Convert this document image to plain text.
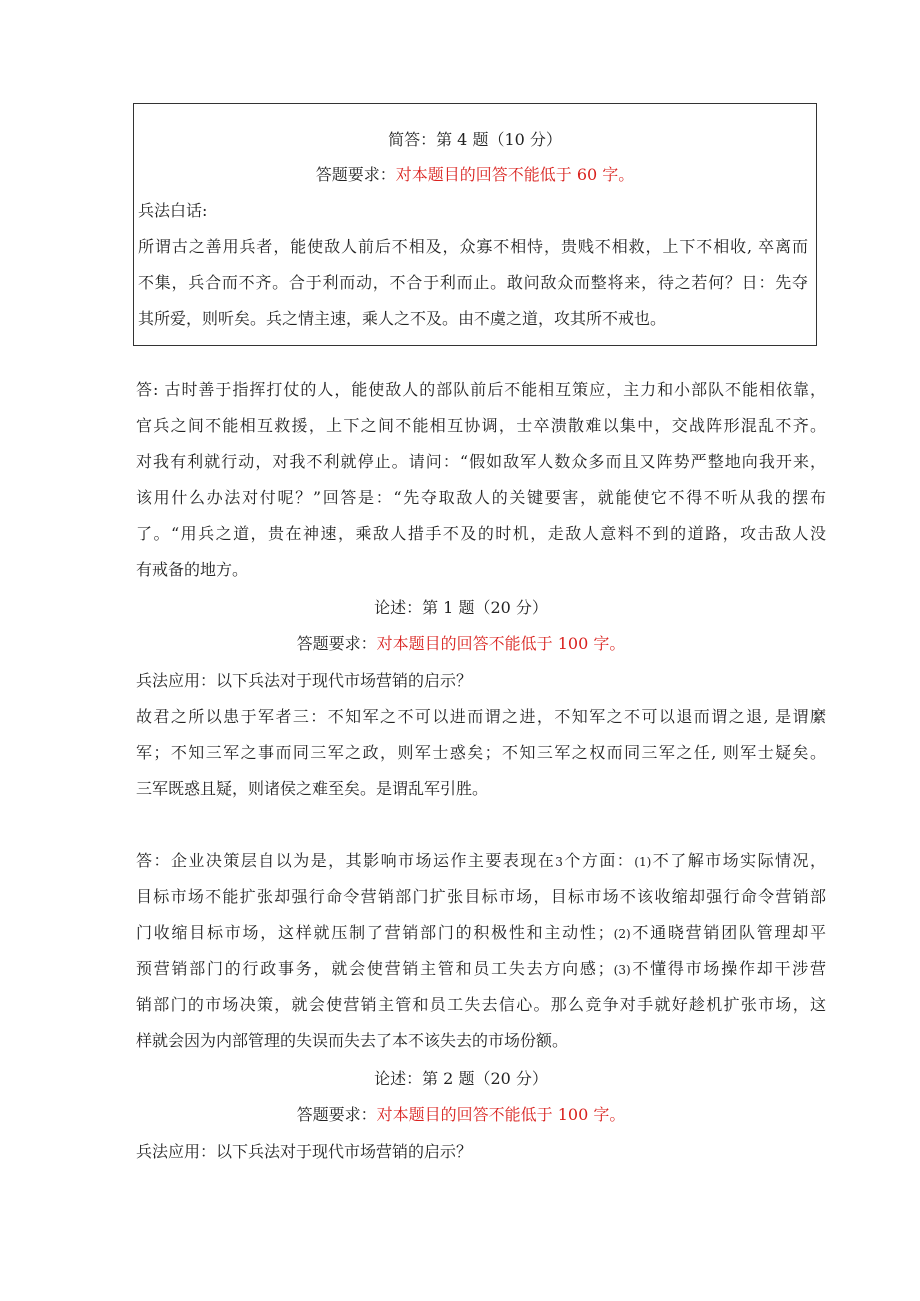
简答：第 4 题（10 分）
答题要求：对本题目的回答不能低于 60 字。
兵法白话:
所谓古之善用兵者，能使敌人前后不相及，众寡不相恃，贵贱不相救，上下不相收, 卒离而
不集，兵合而不齐。合于利而动，不合于利而止。敢问敌众而整将来，待之若何？日：先夺
其所爱，则听矣。兵之情主速，乘人之不及。由不虞之道，攻其所不戒也。
答: 古时善于指挥打仗的人，能使敌人的部队前后不能相互策应，主力和小部队不能相依靠，
官兵之间不能相互救援，上下之间不能相互协调，士卒溃散难以集中，交战阵形混乱不齐。
对我有利就行动，对我不利就停止。请问：“假如敌军人数众多而且又阵势严整地向我开来，
该用什么办法对付呢？”回答是：“先夺取敌人的关键要害，就能使它不得不听从我的摆布
了。“用兵之道，贵在神速，乘敌人措手不及的时机，走敌人意料不到的道路，攻击敌人没
有戒备的地方。
论述：第 1 题（20 分）
答题要求：对本题目的回答不能低于 100 字。
兵法应用：以下兵法对于现代市场营销的启示？
故君之所以患于军者三：不知军之不可以进而谓之进，不知军之不可以退而谓之退, 是谓縻
军；不知三军之事而同三军之政，则军士惑矣；不知三军之权而同三军之任, 则军士疑矣。
三军既惑且疑，则诸侯之难至矣。是谓乱军引胜。
答：企业决策层自以为是，其影响市场运作主要表现在3个方面：(1)不了解市场实际情况，
目标市场不能扩张却强行命令营销部门扩张目标市场，目标市场不该收缩却强行命令营销部
门收缩目标市场，这样就压制了营销部门的积极性和主动性；(2)不通晓营销团队管理却平
预营销部门的行政事务，就会使营销主管和员工失去方向感；(3)不懂得市场操作却干涉营
销部门的市场决策，就会使营销主管和员工失去信心。那么竞争对手就好趁机扩张市场，这
样就会因为内部管理的失误而失去了本不该失去的市场份额。
论述：第 2 题（20 分）
答题要求：对本题目的回答不能低于 100 字。
兵法应用：以下兵法对于现代市场营销的启示？
